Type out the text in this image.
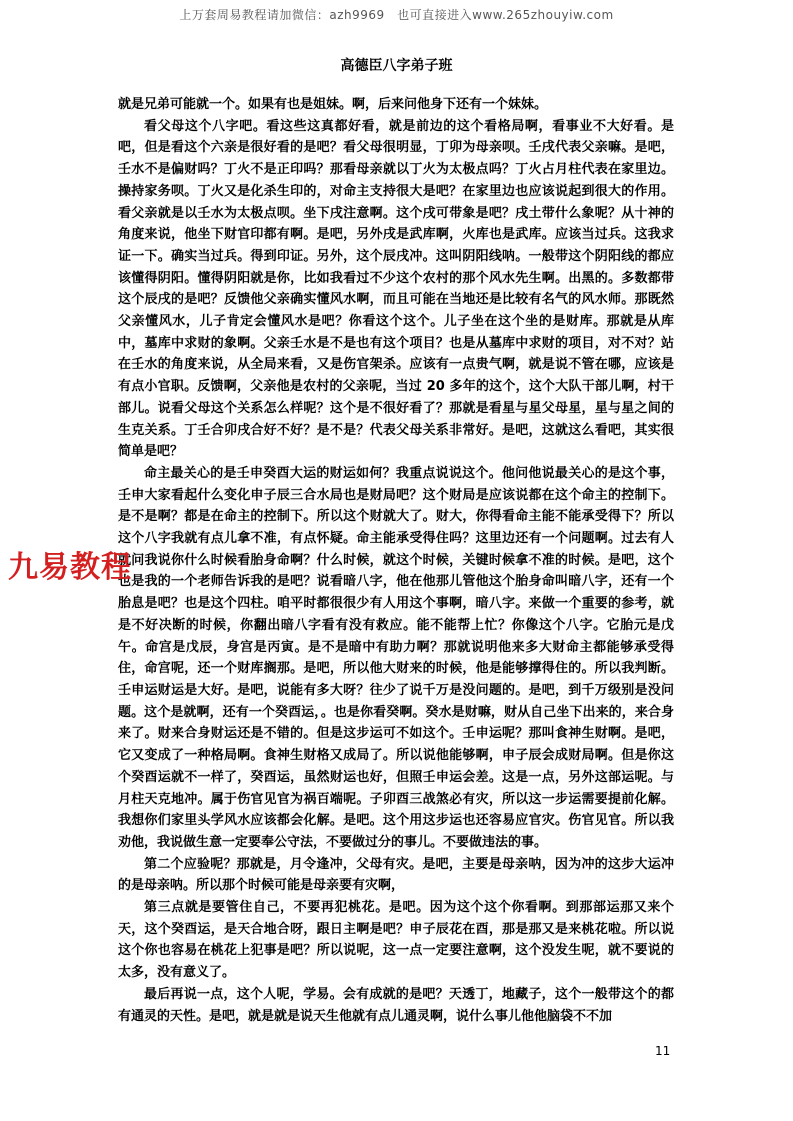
上万套周易教程请加微信：azh9969　也可直接进入www.265zhouyiw.com
高德臣八字弟子班

就是兄弟可能就一个。如果有也是姐妹。啊，后来问他身下还有一个妹妹。

看父母这个八字吧。看这些这真都好看，就是前边的这个看格局啊，看事业不大好看。是吧，但是看这个六亲是很好看的是吧？看父母很明显，丁卯为母亲呗。壬戌代表父亲嘛。是吧，壬水不是偏财吗？丁火不是正印吗？那看母亲就以丁火为太极点吗？丁火占月柱代表在家里边。操持家务呗。丁火又是化杀生印的，对命主支持很大是吧？在家里边也应该说起到很大的作用。看父亲就是以壬水为太极点呗。坐下戌注意啊。这个戌可带象是吧？戌土带什么象呢？从十神的角度来说，他坐下财官印都有啊。是吧，另外戌是武库啊，火库也是武库。应该当过兵。这我求证一下。确实当过兵。得到印证。另外，这个辰戌冲。这叫阴阳线呐。一般带这个阴阳线的都应该懂得阴阳。懂得阴阳就是你，比如我看过不少这个农村的那个风水先生啊。出黑的。多数都带这个辰戌的是吧？反馈他父亲确实懂风水啊，而且可能在当地还是比较有名气的风水师。那既然父亲懂风水，儿子肯定会懂风水是吧？你看这个这个。儿子坐在这个坐的是财库。那就是从库中，墓库中求财的象啊。父亲壬水是不是也有这个项目？也是从墓库中求财的项目，对不对？站在壬水的角度来说，从全局来看，又是伤官架杀。应该有一点贵气啊，就是说不管在哪，应该是有点小官职。反馈啊，父亲他是农村的父亲呢，当过 20 多年的这个，这个大队干部儿啊，村干部儿。说看父母这个关系怎么样呢？这个是不很好看了？那就是看星与星父母星，星与星之间的生克关系。丁壬合卯戌合好不好？是不是？代表父母关系非常好。是吧，这就这么看吧，其实很简单是吧？

命主最关心的是壬申癸酉大运的财运如何？我重点说说这个。他问他说最关心的是这个事，壬申大家看起什么变化申子辰三合水局也是财局吧？这个财局是应该说都在这个命主的控制下。是不是啊？都是在命主的控制下。所以这个财就大了。财大，你得看命主能不能承受得下？所以这个八字我就有点儿拿不准，有点怀疑。命主能承受得住吗？这里边还有一个问题啊。过去有人就问我说你什么时候看胎身命啊？什么时候，就这个时候，关键时候拿不准的时候。是吧，这个也是我的一个老师告诉我的是吧？说看暗八字，他在他那儿管他这个胎身命叫暗八字，还有一个胎息是吧？也是这个四柱。咱平时都很很少有人用这个事啊，暗八字。来做一个重要的参考，就是不好决断的时候，你翻出暗八字看有没有救应。能不能帮上忙？你像这个八字。它胎元是戊午。命宫是戊辰，身宫是丙寅。是不是暗中有助力啊？那就说明他来多大财命主都能够承受得住，命宫呢，还一个财库搁那。是吧，所以他大财来的时候，他是能够撑得住的。所以我判断。壬申运财运是大好。是吧，说能有多大呀？往少了说千万是没问题的。是吧，到千万级别是没问题。这个是就啊，还有一个癸酉运，。也是你看癸啊。癸水是财嘛，财从自己坐下出来的，来合身来了。财来合身财运还是不错的。但是这步运可不如这个。壬申运呢？那叫食神生财啊。是吧，它又变成了一种格局啊。食神生财格又成局了。所以说他能够啊，申子辰会成财局啊。但是你这个癸酉运就不一样了，癸酉运，虽然财运也好，但照壬申运会差。这是一点，另外这部运呢。与月柱天克地冲。属于伤官见官为祸百端呢。子卯酉三战煞必有灾，所以这一步运需要提前化解。我想你们家里头学风水应该都会化解。是吧。这个用这步运也还容易应官灾。伤官见官。所以我劝他，我说做生意一定要奉公守法，不要做过分的事儿。不要做违法的事。

第二个应验呢？那就是，月令逢冲，父母有灾。是吧，主要是母亲呐，因为冲的这步大运冲的是母亲呐。所以那个时候可能是母亲要有灾啊，

第三点就是要管住自己，不要再犯桃花。是吧。因为这个这个你看啊。到那部运那又来个天，这个癸酉运，是天合地合呀，跟日主啊是吧？申子辰花在酉，那是那又是来桃花啦。所以说这个你也容易在桃花上犯事是吧？所以说呢，这一点一定要注意啊，这个没发生呢，就不要说的太多，没有意义了。

最后再说一点，这个人呢，学易。会有成就的是吧？天透丁，地藏子，这个一般带这个的都有通灵的天性。是吧，就是就是说天生他就有点儿通灵啊，说什么事儿他他脑袋不不加

九易教程
11
